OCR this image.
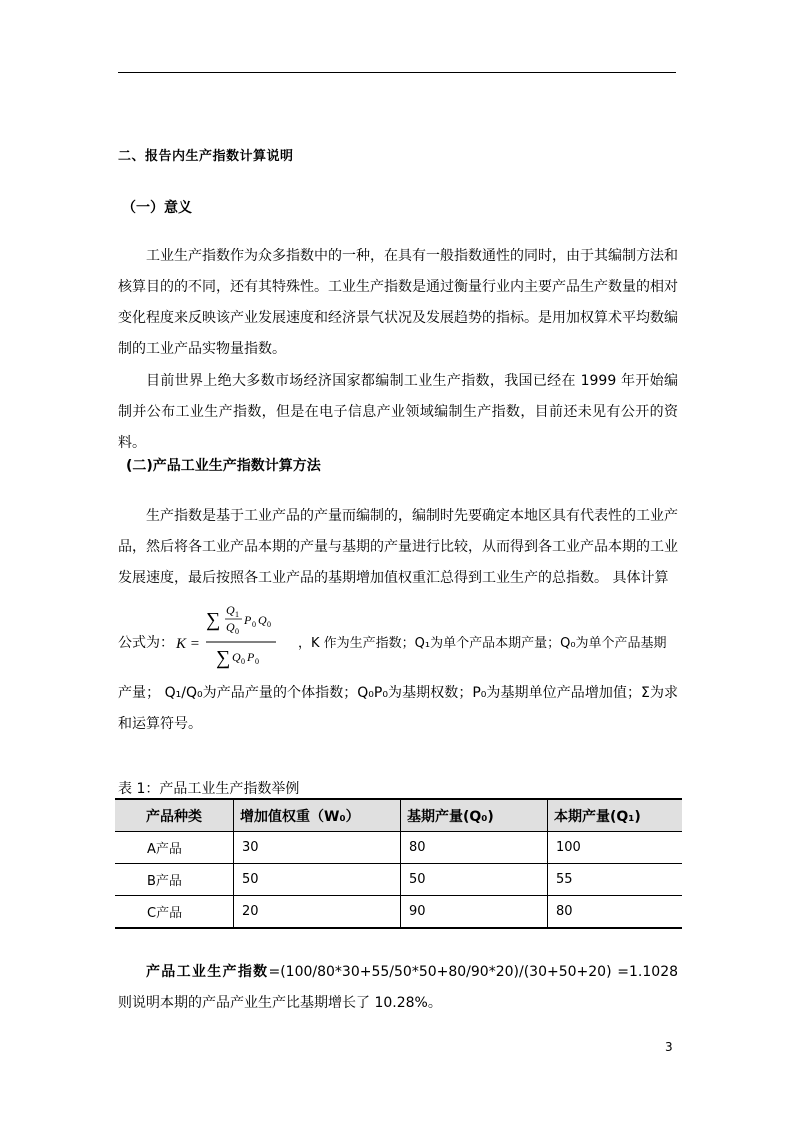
二、报告内生产指数计算说明
（一）意义
工业生产指数作为众多指数中的一种，在具有一般指数通性的同时，由于其编制方法和核算目的的不同，还有其特殊性。工业生产指数是通过衡量行业内主要产品生产数量的相对变化程度来反映该产业发展速度和经济景气状况及发展趋势的指标。是用加权算术平均数编制的工业产品实物量指数。
目前世界上绝大多数市场经济国家都编制工业生产指数，我国已经在 1999 年开始编制并公布工业生产指数，但是在电子信息产业领域编制生产指数，目前还未见有公开的资料。
(二)产品工业生产指数计算方法
生产指数是基于工业产品的产量而编制的，编制时先要确定本地区具有代表性的工业产品，然后将各工业产品本期的产量与基期的产量进行比较，从而得到各工业产品本期的工业发展速度，最后按照各工业产品的基期增加值权重汇总得到工业生产的总指数。 具体计算
公式为： K =
∑ Q 1
Q 0
P 0 Q 0
∑ Q 0 P 0
，K 作为生产指数；Q₁为单个产品本期产量；Q₀为单个产品基期
产量； Q₁/Q₀为产品产量的个体指数；Q₀P₀为基期权数；P₀为基期单位产品增加值；Σ为求和运算符号。
表 1：产品工业生产指数举例
产品种类	增加值权重（W₀）	基期产量(Q₀)	本期产量(Q₁)
A产品	30	80	100
B产品	50	50	55
C产品	20	90	80
产品工业生产指数=(100/80*30+55/50*50+80/90*20)/(30+50+20) =1.1028 则说明本期的产品产业生产比基期增长了 10.28%。
3
